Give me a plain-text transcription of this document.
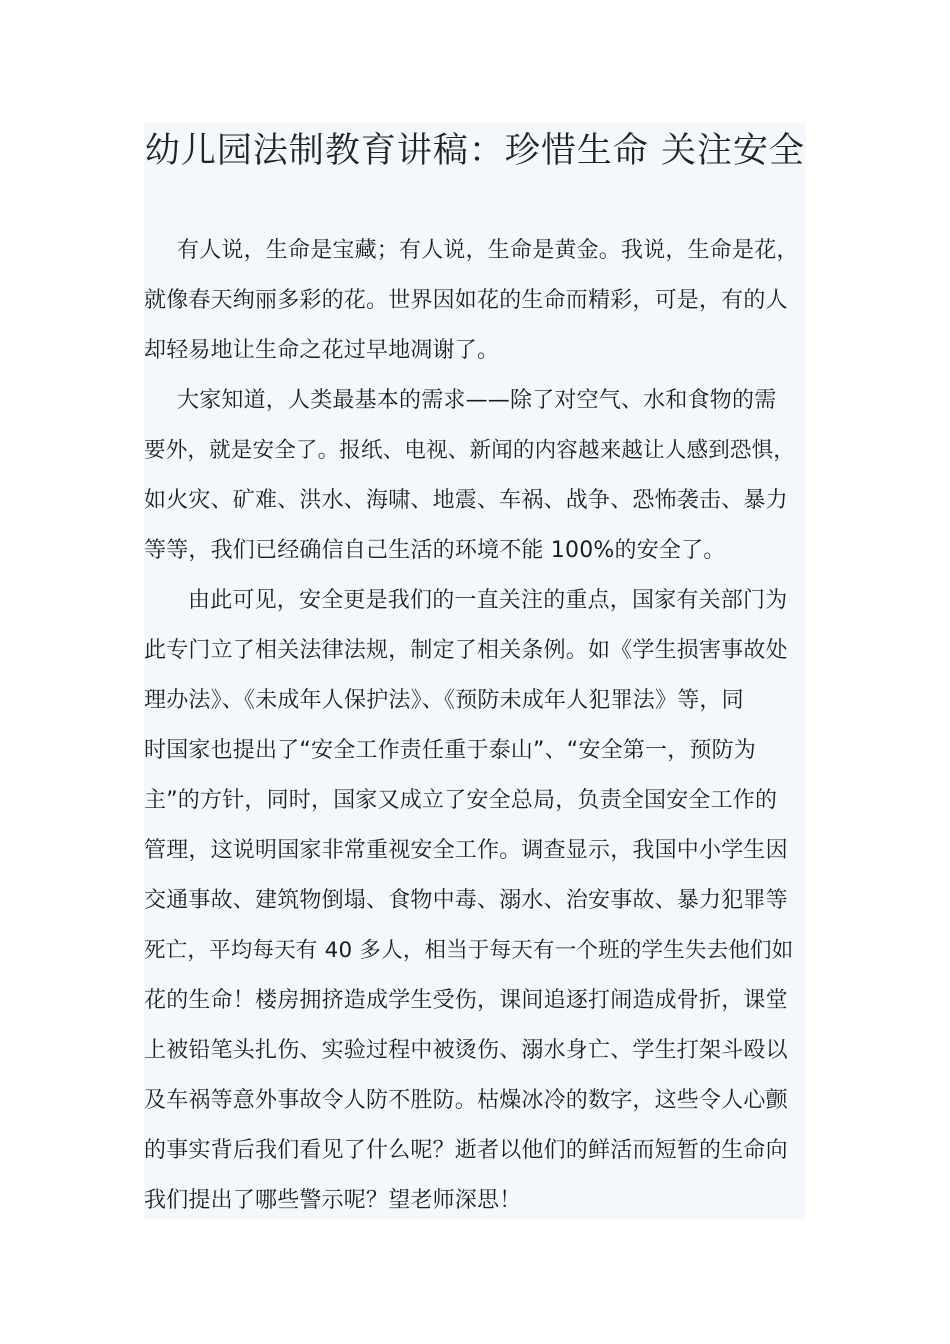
幼儿园法制教育讲稿：珍惜生命 关注安全
有人说，生命是宝藏；有人说，生命是黄金。我说，生命是花，
就像春天绚丽多彩的花。世界因如花的生命而精彩，可是，有的人
却轻易地让生命之花过早地凋谢了。
大家知道，人类最基本的需求——除了对空气、水和食物的需
要外，就是安全了。报纸、电视、新闻的内容越来越让人感到恐惧，
如火灾、矿难、洪水、海啸、地震、车祸、战争、恐怖袭击、暴力
等等，我们已经确信自己生活的环境不能 100%的安全了。
由此可见，安全更是我们的一直关注的重点，国家有关部门为
此专门立了相关法律法规，制定了相关条例。如《学生损害事故处
理办法》、《未成年人保护法》、《预防未成年人犯罪法》等，同
时国家也提出了“安全工作责任重于泰山”、“安全第一，预防为
主”的方针，同时，国家又成立了安全总局，负责全国安全工作的
管理，这说明国家非常重视安全工作。调查显示，我国中小学生因
交通事故、建筑物倒塌、食物中毒、溺水、治安事故、暴力犯罪等
死亡，平均每天有 40 多人，相当于每天有一个班的学生失去他们如
花的生命！楼房拥挤造成学生受伤，课间追逐打闹造成骨折，课堂
上被铅笔头扎伤、实验过程中被烫伤、溺水身亡、学生打架斗殴以
及车祸等意外事故令人防不胜防。枯燥冰冷的数字，这些令人心颤
的事实背后我们看见了什么呢？逝者以他们的鲜活而短暂的生命向
我们提出了哪些警示呢？望老师深思！
